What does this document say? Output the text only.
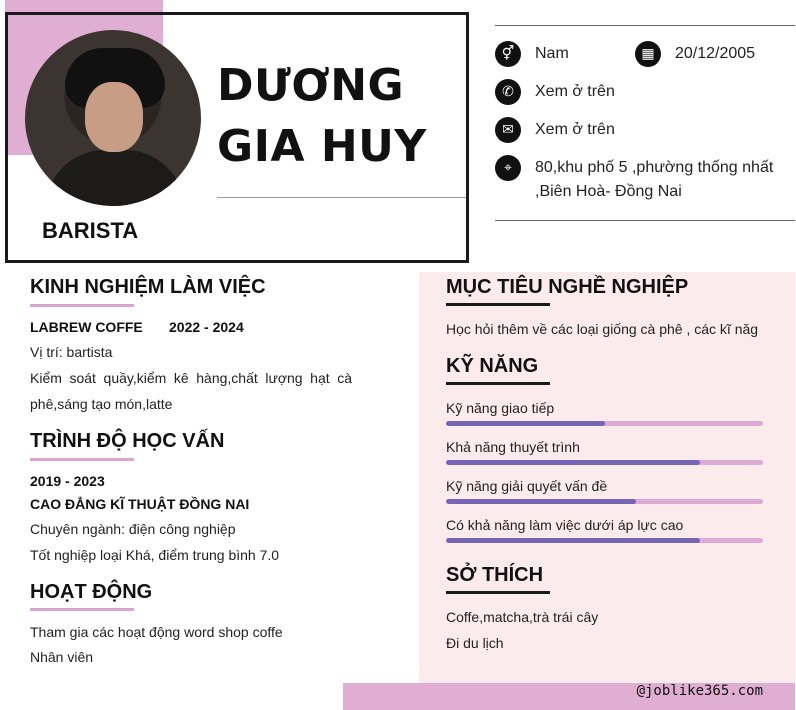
DƯƠNG
GIA HUY
BARISTA
⚥	Nam	▦	20/12/2005
✆	Xem ở trên
✉	Xem ở trên
⌖	80,khu phố 5 ,phường thống nhất
,Biên Hoà- Đồng Nai
KINH NGHIỆM LÀM VIỆC
LABREW COFFE 2022 - 2024
Vị trí: bartista
Kiểm soát quầy,kiểm kê hàng,chất lượng hạt cà
phê,sáng tạo món,latte
TRÌNH ĐỘ HỌC VẤN
2019 - 2023
CAO ĐẲNG KĨ THUẬT ĐỒNG NAI
Chuyên ngành: điện công nghiệp
Tốt nghiệp loại Khá, điểm trung bình 7.0
HOẠT ĐỘNG
Tham gia các hoạt động word shop coffe
Nhân viên
MỤC TIÊU NGHỀ NGHIỆP
Học hỏi thêm về các loại giống cà phê , các kĩ năg
KỸ NĂNG
Kỹ năng giao tiếp
Khả năng thuyết trình
Kỹ năng giải quyết vấn đề
Có khả năng làm việc dưới áp lực cao
SỞ THÍCH
Coffe,matcha,trà trái cây
Đi du lịch
@joblike365.com
